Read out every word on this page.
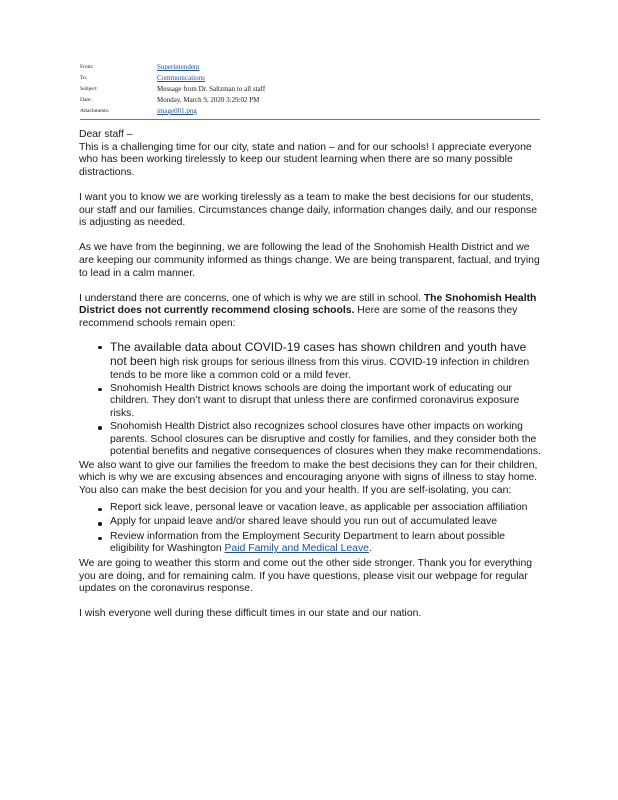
From:	Superintendent
To:	Communications
Subject:	Message from Dr. Saltzman to all staff
Date:	Monday, March 9, 2020 3:29:02 PM
Attachments:	image001.png

Dear staff –

This is a challenging time for our city, state and nation – and for our schools! I appreciate everyone who has been working tirelessly to keep our student learning when there are so many possible distractions.

I want you to know we are working tirelessly as a team to make the best decisions for our students, our staff and our families. Circumstances change daily, information changes daily, and our response is adjusting as needed.

As we have from the beginning, we are following the lead of the Snohomish Health District and we are keeping our community informed as things change. We are being transparent, factual, and trying to lead in a calm manner.

I understand there are concerns, one of which is why we are still in school. The Snohomish Health District does not currently recommend closing schools. Here are some of the reasons they recommend schools remain open:

The available data about COVID-19 cases has shown children and youth have not been high risk groups for serious illness from this virus. COVID-19 infection in children tends to be more like a common cold or a mild fever.
Snohomish Health District knows schools are doing the important work of educating our children. They don’t want to disrupt that unless there are confirmed coronavirus exposure risks.
Snohomish Health District also recognizes school closures have other impacts on working parents. School closures can be disruptive and costly for families, and they consider both the potential benefits and negative consequences of closures when they make recommendations.

We also want to give our families the freedom to make the best decisions they can for their children, which is why we are excusing absences and encouraging anyone with signs of illness to stay home.

You also can make the best decision for you and your health. If you are self-isolating, you can:

Report sick leave, personal leave or vacation leave, as applicable per association affiliation
Apply for unpaid leave and/or shared leave should you run out of accumulated leave
Review information from the Employment Security Department to learn about possible eligibility for Washington Paid Family and Medical Leave.

We are going to weather this storm and come out the other side stronger. Thank you for everything you are doing, and for remaining calm. If you have questions, please visit our webpage for regular updates on the coronavirus response.

I wish everyone well during these difficult times in our state and our nation.
